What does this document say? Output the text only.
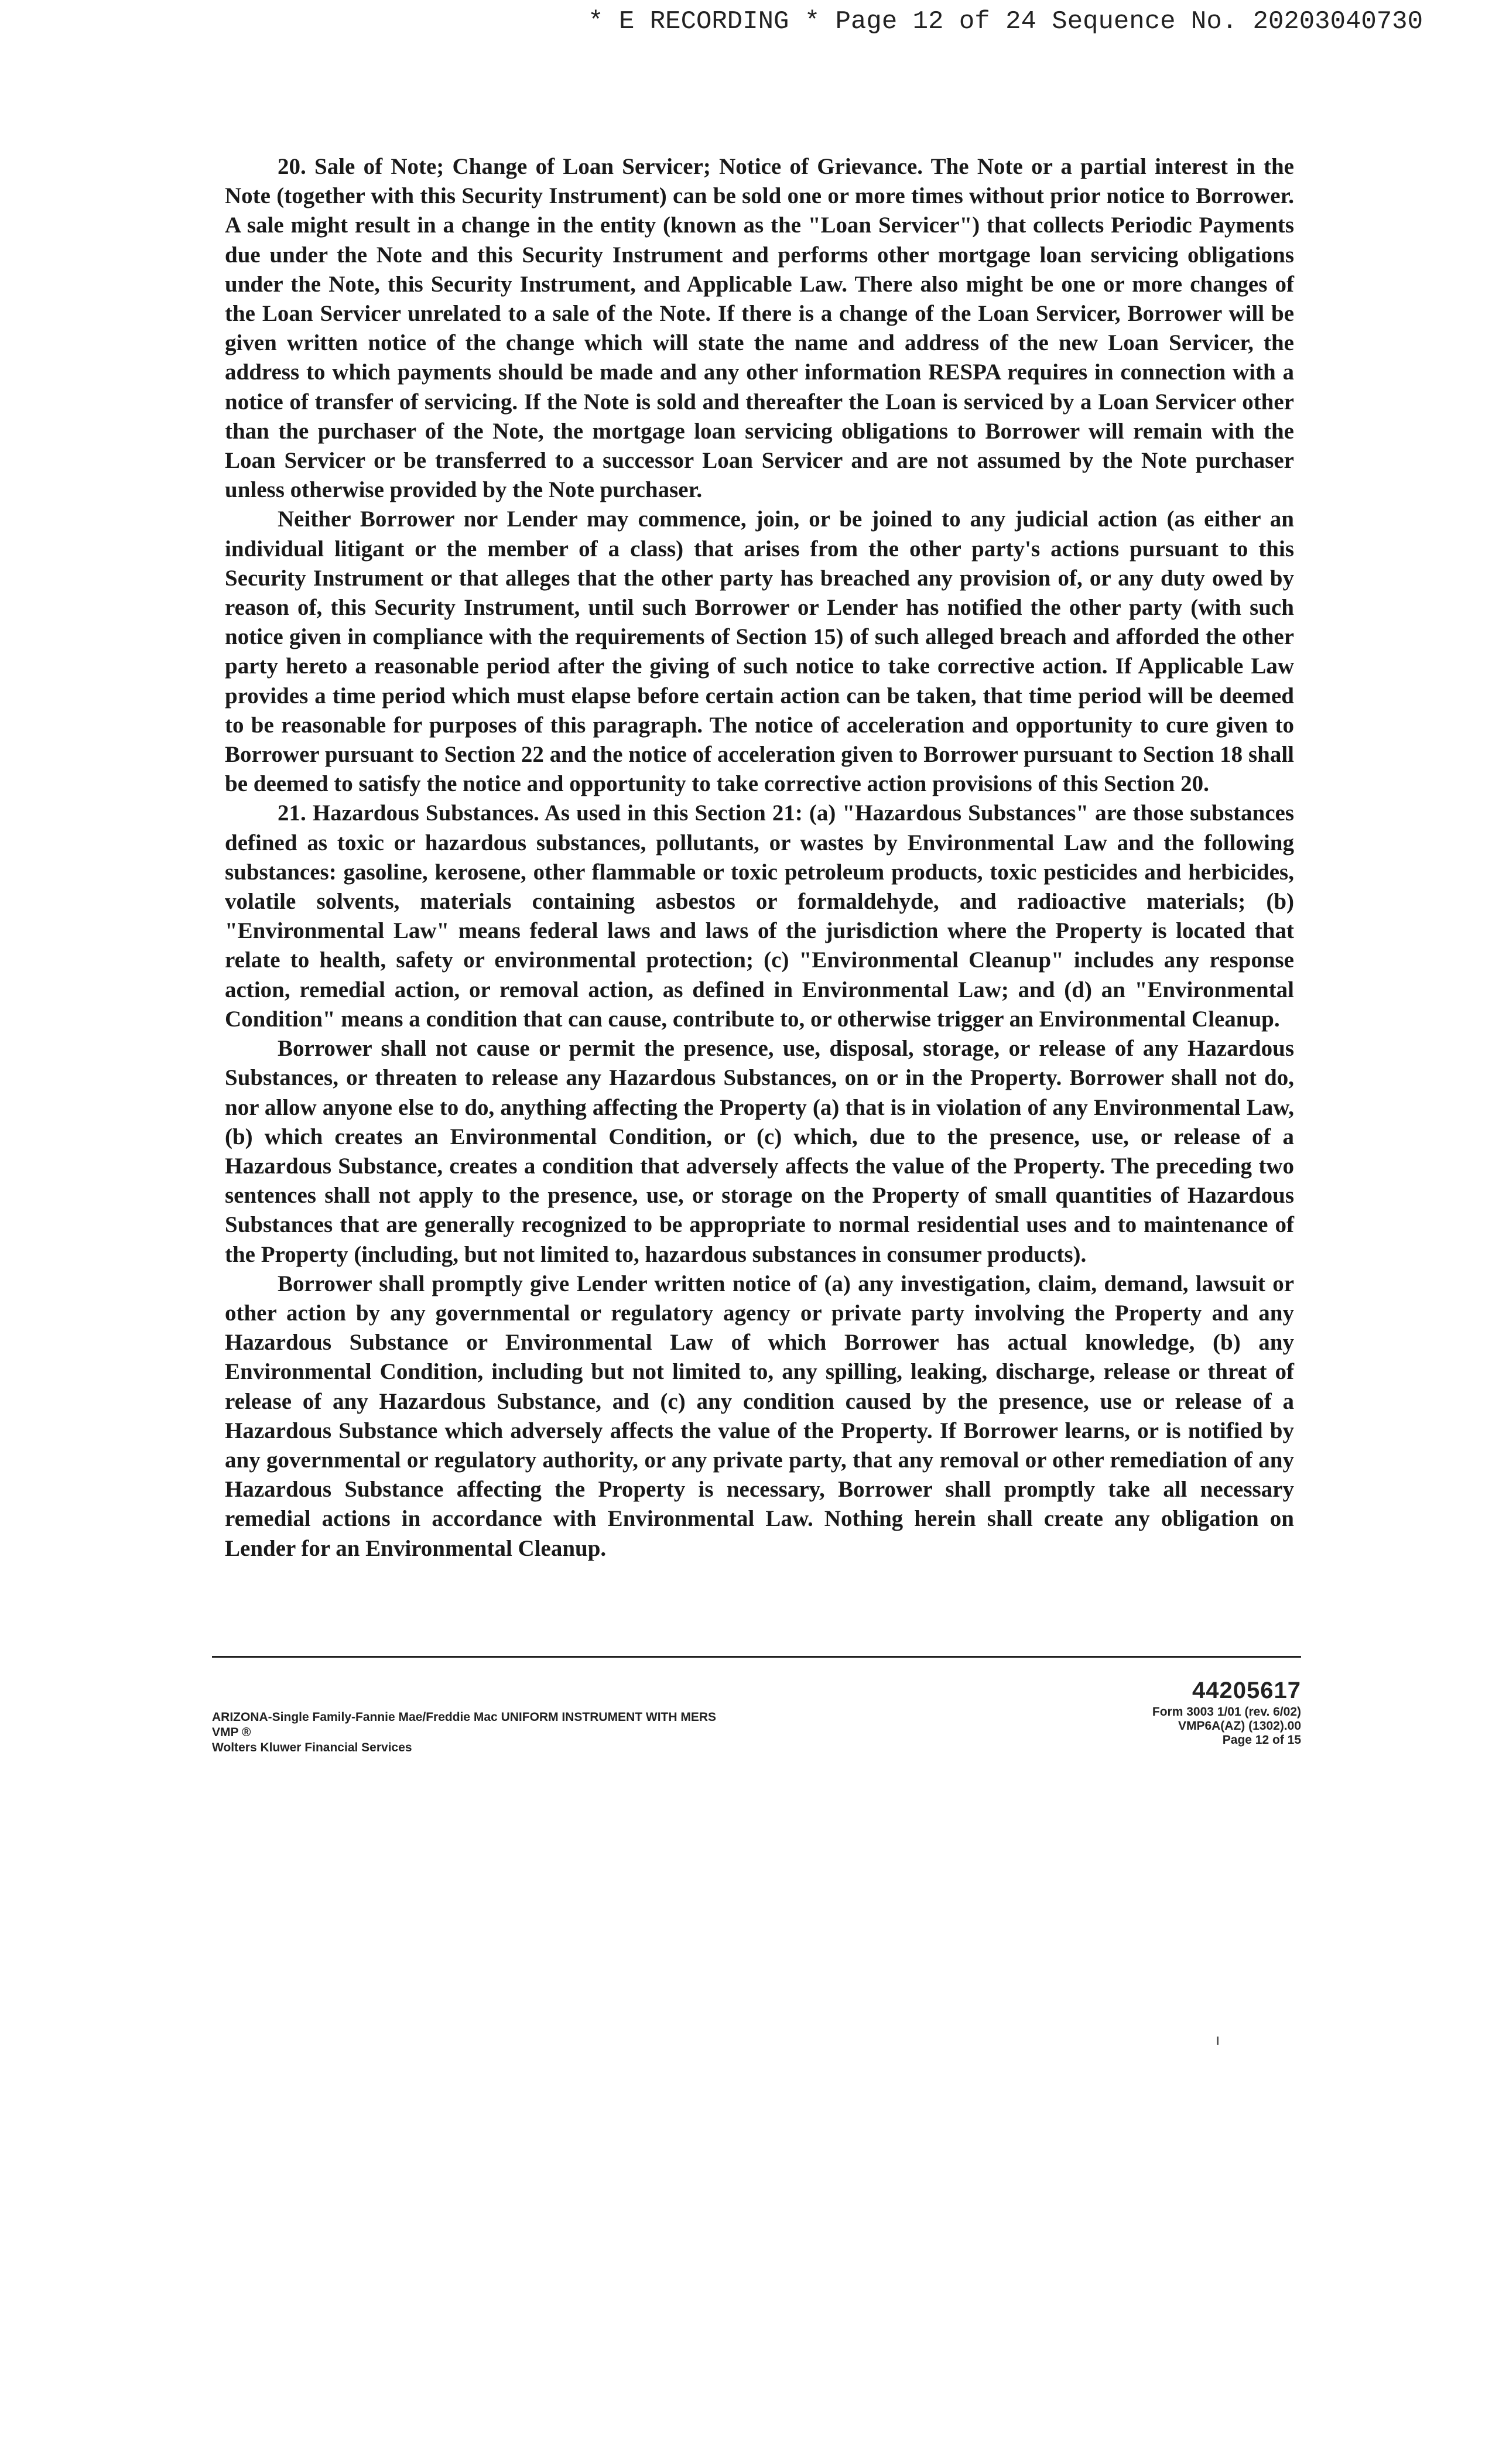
* E RECORDING * Page 12 of 24 Sequence No. 20203040730

20. Sale of Note; Change of Loan Servicer; Notice of Grievance. The Note or a partial interest in the Note (together with this Security Instrument) can be sold one or more times without prior notice to Borrower. A sale might result in a change in the entity (known as the "Loan Servicer") that collects Periodic Payments due under the Note and this Security Instrument and performs other mortgage loan servicing obligations under the Note, this Security Instrument, and Applicable Law. There also might be one or more changes of the Loan Servicer unrelated to a sale of the Note. If there is a change of the Loan Servicer, Borrower will be given written notice of the change which will state the name and address of the new Loan Servicer, the address to which payments should be made and any other information RESPA requires in connection with a notice of transfer of servicing. If the Note is sold and thereafter the Loan is serviced by a Loan Servicer other than the purchaser of the Note, the mortgage loan servicing obligations to Borrower will remain with the Loan Servicer or be transferred to a successor Loan Servicer and are not assumed by the Note purchaser unless otherwise provided by the Note purchaser.

Neither Borrower nor Lender may commence, join, or be joined to any judicial action (as either an individual litigant or the member of a class) that arises from the other party's actions pursuant to this Security Instrument or that alleges that the other party has breached any provision of, or any duty owed by reason of, this Security Instrument, until such Borrower or Lender has notified the other party (with such notice given in compliance with the requirements of Section 15) of such alleged breach and afforded the other party hereto a reasonable period after the giving of such notice to take corrective action. If Applicable Law provides a time period which must elapse before certain action can be taken, that time period will be deemed to be reasonable for purposes of this paragraph. The notice of acceleration and opportunity to cure given to Borrower pursuant to Section 22 and the notice of acceleration given to Borrower pursuant to Section 18 shall be deemed to satisfy the notice and opportunity to take corrective action provisions of this Section 20.

21. Hazardous Substances. As used in this Section 21: (a) "Hazardous Substances" are those substances defined as toxic or hazardous substances, pollutants, or wastes by Environmental Law and the following substances: gasoline, kerosene, other flammable or toxic petroleum products, toxic pesticides and herbicides, volatile solvents, materials containing asbestos or formaldehyde, and radioactive materials; (b) "Environmental Law" means federal laws and laws of the jurisdiction where the Property is located that relate to health, safety or environmental protection; (c) "Environmental Cleanup" includes any response action, remedial action, or removal action, as defined in Environmental Law; and (d) an "Environmental Condition" means a condition that can cause, contribute to, or otherwise trigger an Environmental Cleanup.

Borrower shall not cause or permit the presence, use, disposal, storage, or release of any Hazardous Substances, or threaten to release any Hazardous Substances, on or in the Property. Borrower shall not do, nor allow anyone else to do, anything affecting the Property (a) that is in violation of any Environmental Law, (b) which creates an Environmental Condition, or (c) which, due to the presence, use, or release of a Hazardous Substance, creates a condition that adversely affects the value of the Property. The preceding two sentences shall not apply to the presence, use, or storage on the Property of small quantities of Hazardous Substances that are generally recognized to be appropriate to normal residential uses and to maintenance of the Property (including, but not limited to, hazardous substances in consumer products).

Borrower shall promptly give Lender written notice of (a) any investigation, claim, demand, lawsuit or other action by any governmental or regulatory agency or private party involving the Property and any Hazardous Substance or Environmental Law of which Borrower has actual knowledge, (b) any Environmental Condition, including but not limited to, any spilling, leaking, discharge, release or threat of release of any Hazardous Substance, and (c) any condition caused by the presence, use or release of a Hazardous Substance which adversely affects the value of the Property. If Borrower learns, or is notified by any governmental or regulatory authority, or any private party, that any removal or other remediation of any Hazardous Substance affecting the Property is necessary, Borrower shall promptly take all necessary remedial actions in accordance with Environmental Law. Nothing herein shall create any obligation on Lender for an Environmental Cleanup.

ARIZONA-Single Family-Fannie Mae/Freddie Mac UNIFORM INSTRUMENT WITH MERS
VMP ®
Wolters Kluwer Financial Services
44205617
Form 3003 1/01 (rev. 6/02)
VMP6A(AZ) (1302).00
Page 12 of 15
